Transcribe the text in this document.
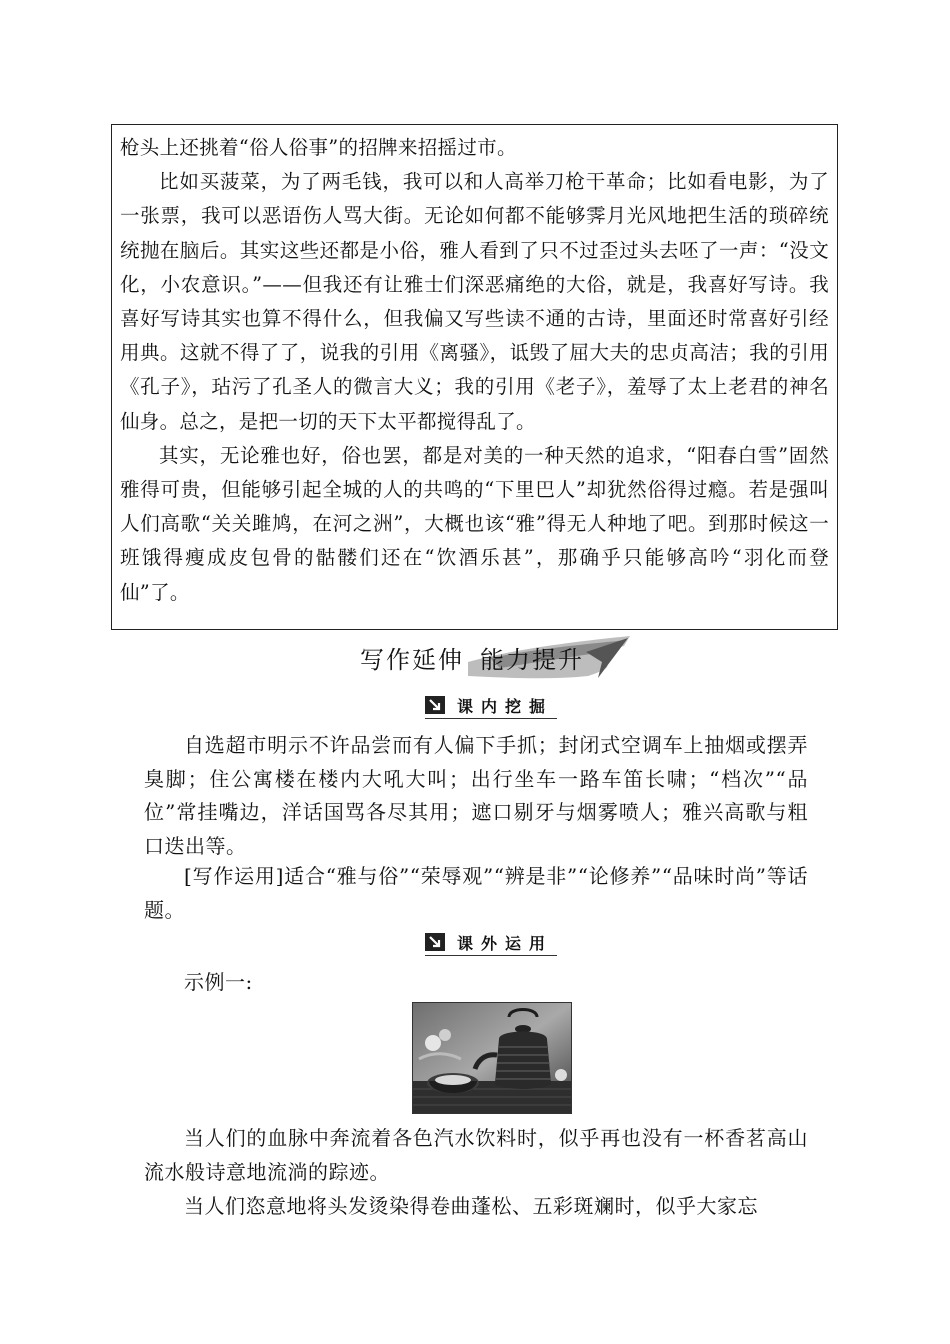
枪头上还挑着“俗人俗事”的招牌来招摇过市。

比如买菠菜，为了两毛钱，我可以和人高举刀枪干革命；比如看电影，为了一张票，我可以恶语伤人骂大街。无论如何都不能够霁月光风地把生活的琐碎统统抛在脑后。其实这些还都是小俗，雅人看到了只不过歪过头去呸了一声：“没文化，小农意识。”——但我还有让雅士们深恶痛绝的大俗，就是，我喜好写诗。我喜好写诗其实也算不得什么，但我偏又写些读不通的古诗，里面还时常喜好引经用典。这就不得了了，说我的引用《离骚》，诋毁了屈大夫的忠贞高洁；我的引用《孔子》，玷污了孔圣人的微言大义；我的引用《老子》，羞辱了太上老君的神名仙身。总之，是把一切的天下太平都搅得乱了。

其实，无论雅也好，俗也罢，都是对美的一种天然的追求，“阳春白雪”固然雅得可贵，但能够引起全城的人的共鸣的“下里巴人”却犹然俗得过瘾。若是强叫人们高歌“关关雎鸠，在河之洲”，大概也该“雅”得无人种地了吧。到那时候这一班饿得瘦成皮包骨的骷髅们还在“饮酒乐甚”，那确乎只能够高吟“羽化而登仙”了。

写作延伸 能力提升
课内挖掘

自选超市明示不许品尝而有人偏下手抓；封闭式空调车上抽烟或摆弄臭脚；住公寓楼在楼内大吼大叫；出行坐车一路车笛长啸；“档次”“品位”常挂嘴边，洋话国骂各尽其用；遮口剔牙与烟雾喷人；雅兴高歌与粗口迭出等。

[写作运用]适合“雅与俗”“荣辱观”“辨是非”“论修养”“品味时尚”等话题。

课外运用

示例一:

当人们的血脉中奔流着各色汽水饮料时，似乎再也没有一杯香茗高山流水般诗意地流淌的踪迹。

当人们恣意地将头发烫染得卷曲蓬松、五彩斑斓时，似乎大家忘
